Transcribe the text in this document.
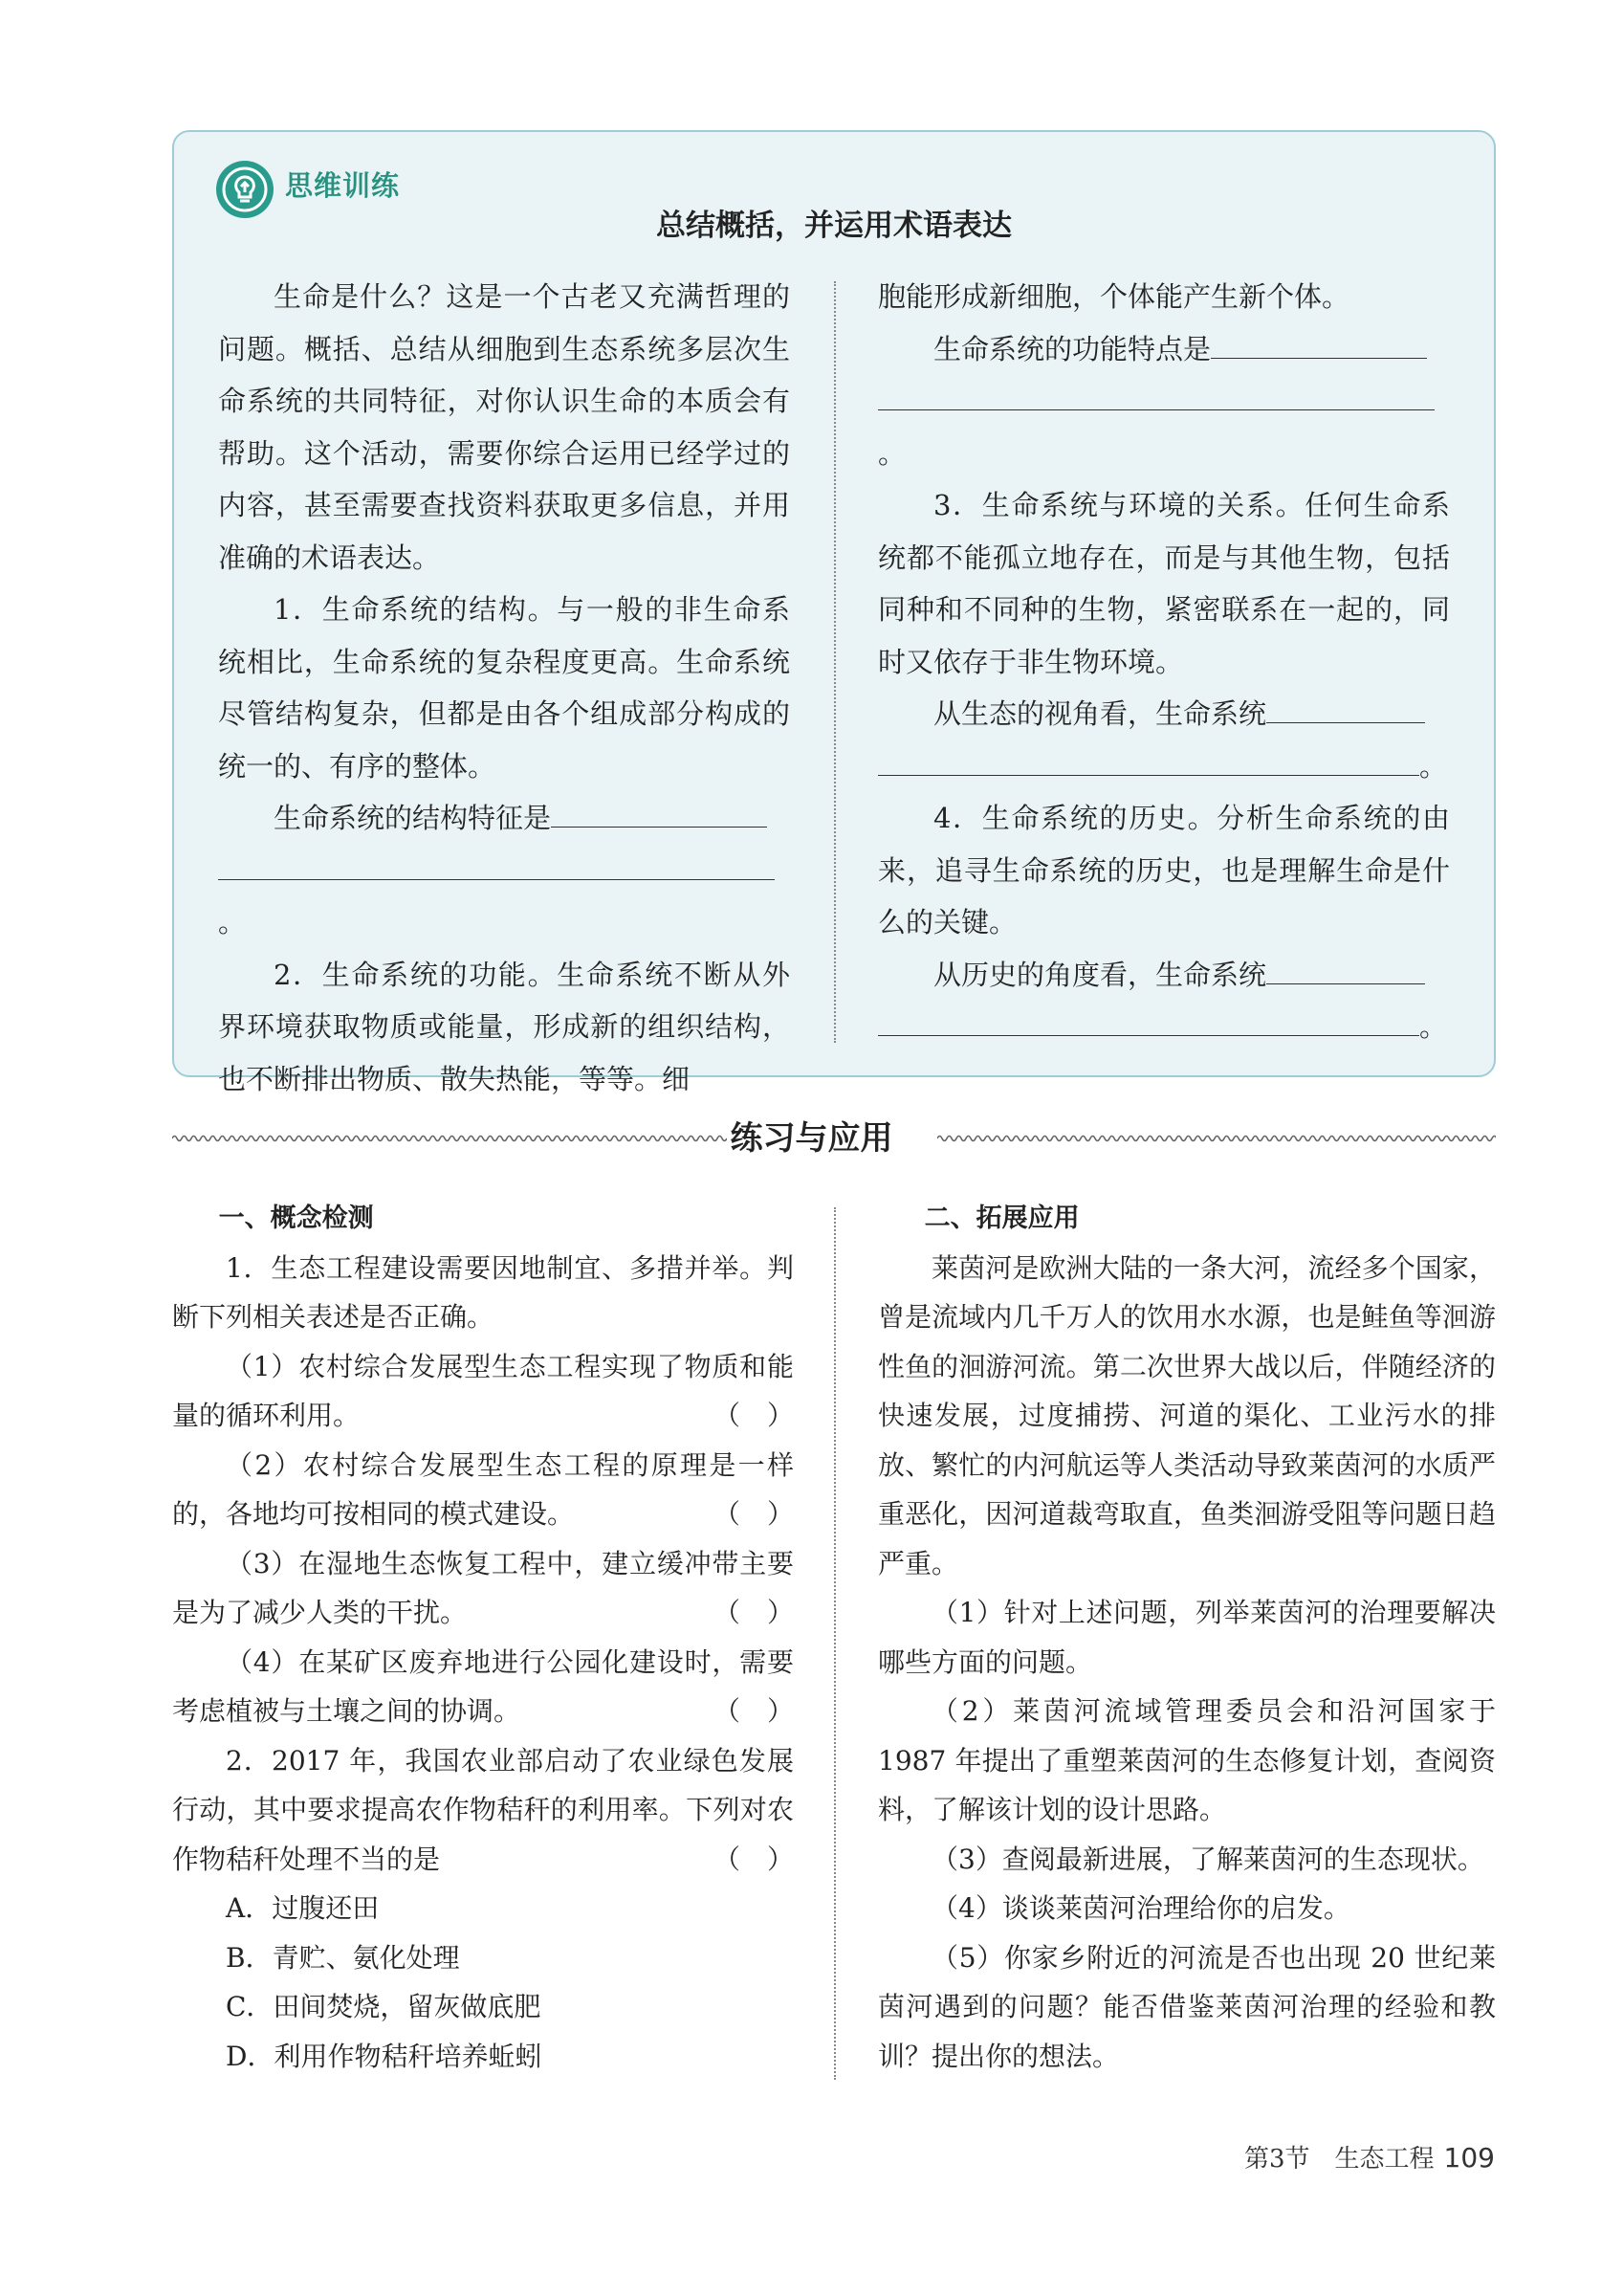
思维训练
总结概括，并运用术语表达

生命是什么？这是一个古老又充满哲理的问题。概括、总结从细胞到生态系统多层次生命系统的共同特征，对你认识生命的本质会有帮助。这个活动，需要你综合运用已经学过的内容，甚至需要查找资料获取更多信息，并用准确的术语表达。

1．生命系统的结构。与一般的非生命系统相比，生命系统的复杂程度更高。生命系统尽管结构复杂，但都是由各个组成部分构成的统一的、有序的整体。

生命系统的结构特征是

。

2．生命系统的功能。生命系统不断从外界环境获取物质或能量，形成新的组织结构，也不断排出物质、散失热能，等等。细

胞能形成新细胞，个体能产生新个体。

生命系统的功能特点是

。

3．生命系统与环境的关系。任何生命系统都不能孤立地存在，而是与其他生物，包括同种和不同种的生物，紧密联系在一起的，同时又依存于非生物环境。

从生态的视角看，生命系统

。

4．生命系统的历史。分析生命系统的由来，追寻生命系统的历史，也是理解生命是什么的关键。

从历史的角度看，生命系统

。

练习与应用
一、概念检测

1．生态工程建设需要因地制宜、多措并举。判断下列相关表述是否正确。

（1）农村综合发展型生态工程实现了物质和能量的循环利用。	（　）

（2）农村综合发展型生态工程的原理是一样的，各地均可按相同的模式建设。	（　）

（3）在湿地生态恢复工程中，建立缓冲带主要是为了减少人类的干扰。	（　）

（4）在某矿区废弃地进行公园化建设时，需要考虑植被与土壤之间的协调。	（　）

2．2017 年，我国农业部启动了农业绿色发展行动，其中要求提高农作物秸秆的利用率。下列对农作物秸秆处理不当的是	（　）

A．过腹还田

B．青贮、氨化处理

C．田间焚烧，留灰做底肥

D．利用作物秸秆培养蚯蚓

二、拓展应用

莱茵河是欧洲大陆的一条大河，流经多个国家，曾是流域内几千万人的饮用水水源，也是鲑鱼等洄游性鱼的洄游河流。第二次世界大战以后，伴随经济的快速发展，过度捕捞、河道的渠化、工业污水的排放、繁忙的内河航运等人类活动导致莱茵河的水质严重恶化，因河道裁弯取直，鱼类洄游受阻等问题日趋严重。

（1）针对上述问题，列举莱茵河的治理要解决哪些方面的问题。

（2）莱茵河流域管理委员会和沿河国家于 1987 年提出了重塑莱茵河的生态修复计划，查阅资料，了解该计划的设计思路。

（3）查阅最新进展，了解莱茵河的生态现状。

（4）谈谈莱茵河治理给你的启发。

（5）你家乡附近的河流是否也出现 20 世纪莱茵河遇到的问题？能否借鉴莱茵河治理的经验和教训？提出你的想法。

第3节　生态工程 109
